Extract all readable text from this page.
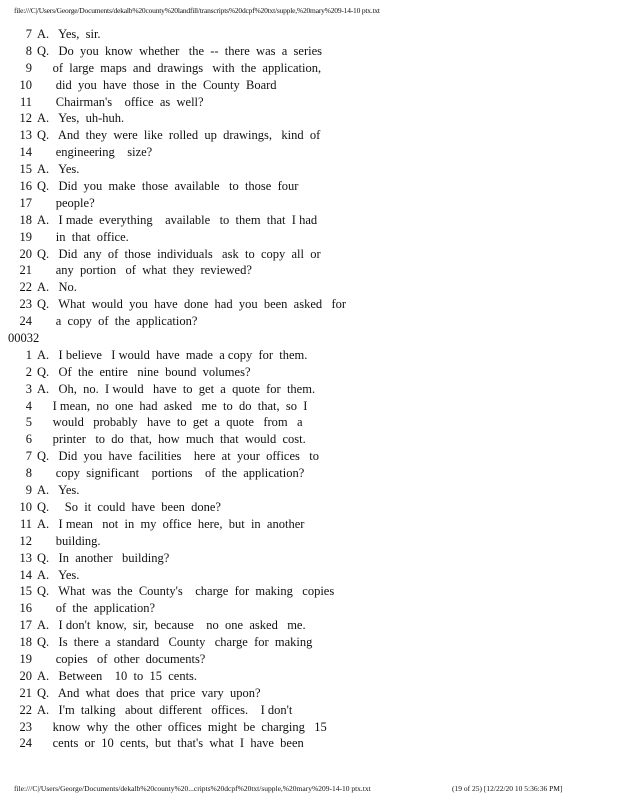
file:///C|/Users/George/Documents/dekalb%20county%20landfill/transcripts%20dcpf%20txt/supple,%20mary%209-14-10 ptx.txt
7 A.   Yes,  sir.
8 Q.   Do  you  know  whether   the  --  there  was  a  series
9 of  large  maps  and  drawings   with  the  application,
10 did  you  have  those  in  the  County  Board
11 Chairman's    office  as  well?
12 A.   Yes,  uh-huh.
13 Q.   And  they  were  like  rolled  up  drawings,   kind  of
14 engineering    size?
15 A.   Yes.
16 Q.   Did  you  make  those  available   to  those  four
17 people?
18 A.   I made  everything    available   to  them  that  I had
19 in  that  office.
20 Q.   Did  any  of  those  individuals   ask  to  copy  all  or
21 any  portion   of  what  they  reviewed?
22 A.   No.
23 Q.   What  would  you  have  done  had  you  been  asked   for
24 a  copy  of  the  application?
00032
1 A.   I believe   I would  have  made  a copy  for  them.
2 Q.   Of  the  entire   nine  bound  volumes?
3 A.   Oh,  no.  I would   have  to  get  a  quote  for  them.
4 I mean,  no  one  had  asked   me  to  do  that,  so  I
5 would   probably   have  to  get  a  quote   from   a
6 printer   to  do  that,  how  much  that  would  cost.
7 Q.   Did  you  have  facilities    here  at  your  offices   to
8 copy  significant    portions    of  the  application?
9 A.   Yes.
10 Q.     So  it  could  have  been  done?
11 A.   I mean   not  in  my  office  here,  but  in  another
12 building.
13 Q.   In  another   building?
14 A.   Yes.
15 Q.   What  was  the  County's    charge  for  making   copies
16 of  the  application?
17 A.   I don't  know,  sir,  because    no  one  asked   me.
18 Q.   Is  there  a  standard   County   charge  for  making
19 copies   of  other  documents?
20 A.   Between    10  to  15  cents.
21 Q.   And  what  does  that  price  vary  upon?
22 A.   I'm  talking   about  different   offices.    I don't
23 know  why  the  other  offices  might  be  charging   15
24 cents  or  10  cents,  but  that's  what  I  have  been
file:///C|/Users/George/Documents/dekalb%20county%20...cripts%20dcpf%20txt/supple,%20mary%209-14-10 ptx.txt	(19 of 25) [12/22/20 10 5:36:36 PM]
